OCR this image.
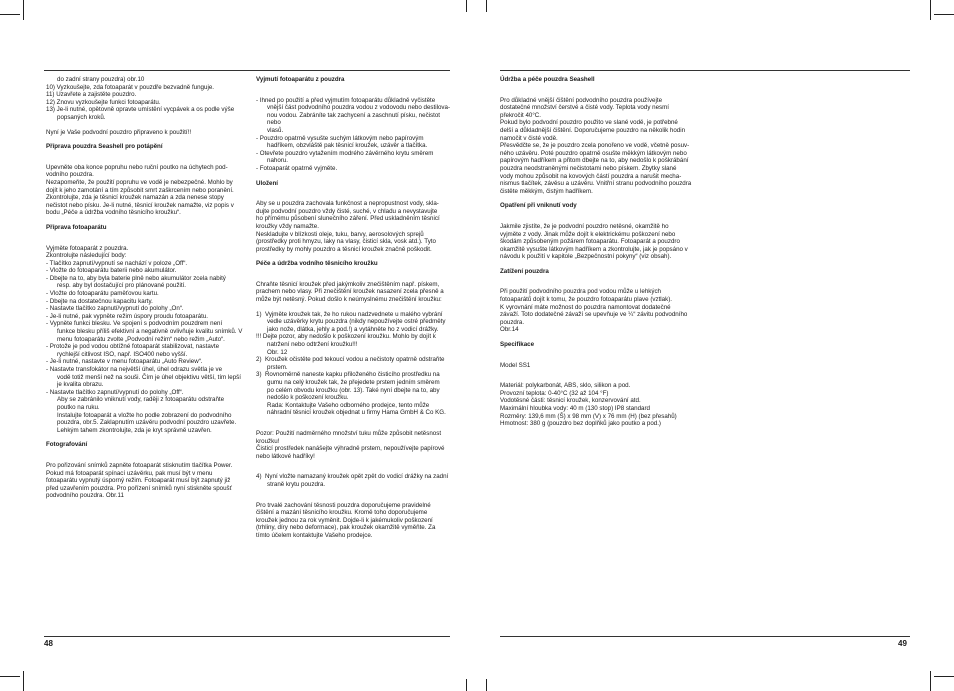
do zadní strany pouzdra) obr.10

10) Vyzkoušejte, zda fotoaparát v pouzdře bezvadně funguje.

11) Uzavřete a zajistěte pouzdro.

12) Znovu vyzkoušejte funkci fotoaparátu.

13) Je-li nutné, opětovně opravte umístění vycpávek a os podle výše

popsaných kroků.

Nyní je Vaše podvodní pouzdro připraveno k použití!!

Příprava pouzdra Seashell pro potápění

Upevněte oba konce popruhu nebo ruční poutko na úchytech pod-

vodního pouzdra.

Nezapomeňte, že použití popruhu ve vodě je nebezpečné. Mohlo by

dojít k jeho zamotání a tím způsobit smrt zaškrcením nebo poranění.

Zkontrolujte, zda je těsnicí kroužek namazán a zda nenese stopy

nečistot nebo písku. Je-li nutné, těsnicí kroužek namažte, viz popis v

bodu „Péče a údržba vodního těsnicího kroužku“.

Příprava fotoaparátu

Vyjměte fotoaparát z pouzdra.

Zkontrolujte následující body:

- Tlačítko zapnutí/vypnutí se nachází v poloze „Off“.

- Vložte do fotoaparátu baterii nebo akumulátor.

- Dbejte na to, aby byla baterie plně nebo akumulátor zcela nabitý

resp. aby byl dostačující pro plánované použití.

- Vložte do fotoaparátu paměťovou kartu.

- Dbejte na dostatečnou kapacitu karty.

- Nastavte tlačítko zapnutí/vypnutí do polohy „On“.

- Je-li nutné, pak vypněte režim úspory proudu fotoaparátu.

- Vypněte funkci blesku. Ve spojení s podvodním pouzdrem není

funkce blesku příliš efektivní a negativně ovlivňuje kvalitu snímků. V

menu fotoaparátu zvolte „Podvodní režim“ nebo režim „Auto“.

- Protože je pod vodou obtížné fotoaparát stabilizovat, nastavte

rychlejší citlivost ISO, např. ISO400 nebo vyšší.

- Je-li nutné, nastavte v menu fotoaparátu „Auto Review“.

- Nastavte transfokátor na největší úhel, úhel odrazu světla je ve

vodě totiž menší než na souši. Čím je úhel objektivu větší, tím lepší

je kvalita obrazu.

- Nastavte tlačítko zapnutí/vypnutí do polohy „Off“.

Aby se zabránilo vniknutí vody, raději z fotoaparátu odstraňte

poutko na ruku.

Instalujte fotoaparát a vložte ho podle zobrazení do podvodního

pouzdra, obr.5. Zaklapnutím uzávěru podvodní pouzdro uzavřete.

Lehkým tahem zkontrolujte, zda je kryt správně uzavřen.

Fotografování

Pro pořizování snímků zapněte fotoaparát stisknutím tlačítka Power.

Pokud má fotoaparát spínací uzávěrku, pak musí být v menu

fotoaparátu vypnutý úsporný režim. Fotoaparát musí být zapnutý již

před uzavřením pouzdra. Pro pořízení snímků nyní stiskněte spoušť

podvodního pouzdra. Obr.11

Vyjmutí fotoaparátu z pouzdra

- Ihned po použití a před vyjmutím fotoaparátu důkladně vyčistěte

vnější část podvodního pouzdra vodou z vodovodu nebo destilova-

nou vodou. Zabráníte tak zachycení a zaschnutí písku, nečistot nebo

vlasů.

- Pouzdro opatrně vysušte suchým látkovým nebo papírovým

hadříkem, obzvláště pak těsnicí kroužek, uzávěr a tlačítka.

- Otevřete pouzdro vytažením modrého závěrného krytu směrem

nahoru.

- Fotoaparát opatrně vyjměte.

Uložení

Aby se u pouzdra zachovala funkčnost a nepropustnost vody, skla-

dujte podvodní pouzdro vždy čisté, suché, v chladu a nevystavujte

ho přímému působení slunečního záření. Před uskladněním těsnicí

kroužky vždy namažte.

Neskladujte v blízkosti oleje, tuku, barvy, aerosolových sprejů

(prostředky proti hmyzu, laky na vlasy, čisticí skla, vosk atd.). Tyto

prostředky by mohly pouzdro a těsnicí kroužek značně poškodit.

Péče a údržba vodního těsnicího kroužku

Chraňte těsnicí kroužek před jakýmkoliv znečištěním např. pískem,

prachem nebo vlasy. Při znečištění kroužek nasazení zcela přesně a

může být netěsný. Pokud došlo k neúmyslnému znečištění kroužku:

1)  Vyjměte kroužek tak, že ho rukou nadzvednete u malého vybrání

vedle uzávěrky krytu pouzdra (nikdy nepoužívejte ostré předměty

jako nože, dlátka, jehly a pod.!) a vytáhněte ho z vodicí drážky.

!!! Dejte pozor, aby nedošlo k poškození kroužku. Mohlo by dojít k

natržení nebo odtržení kroužku!!!

Obr. 12

2)  Kroužek očistěte pod tekoucí vodou a nečistoty opatrně odstraňte

prstem.

3)  Rovnoměrně naneste kapku přiloženého čisticího prostředku na

gumu na celý kroužek tak, že přejedete prstem jedním směrem

po celém obvodu kroužku (obr. 13). Také nyní dbejte na to, aby

nedošlo k poškození kroužku.

Rada: Kontaktujte Vašeho odborného prodejce, tento může

náhradní těsnicí kroužek objednat u firmy Hama GmbH & Co KG.

Pozor: Použití nadměrného množství tuku může způsobit netěsnost

kroužku!

Čisticí prostředek nanášejte výhradně prstem, nepoužívejte papírové

nebo látkové hadříky!

4)  Nyní vložte namazaný kroužek opět zpět do vodicí drážky na zadní

straně krytu pouzdra.

Pro trvalé zachování těsnosti pouzdra doporučujeme pravidelné

čištění a mazání těsnicího kroužku. Kromě toho doporučujeme

kroužek jednou za rok vyměnit. Dojde-li k jakémukoliv poškození

(trhliny, díry nebo deformace), pak kroužek okamžitě vyměňte. Za

tímto účelem kontaktujte Vašeho prodejce.

Údržba a péče pouzdra Seashell

Pro důkladné vnější čištění podvodního pouzdra používejte

dostatečné množství čerstvé a čisté vody. Teplota vody nesmí

překročit 40°C.

Pokud bylo podvodní pouzdro použito ve slané vodě, je potřebné

delší a důkladnější čištění. Doporučujeme pouzdro na několik hodin

namočit v čisté vodě.

Přesvědčte se, že je pouzdro zcela ponořeno ve vodě, včetně posuv-

ného uzávěru. Poté pouzdro opatrně osušte měkkým látkovým nebo

papírovým hadříkem a přitom dbejte na to, aby nedošlo k poškrábání

pouzdra neodstraněnými nečistotami nebo pískem. Zbytky slané

vody mohou způsobit na kovových částí pouzdra a narušit mecha-

nismus tlačítek, závěsu a uzávěru. Vnitřní stranu podvodního pouzdra

čistěte měkkým, čistým hadříkem.

Opatření při vniknutí vody

Jakmile zjistíte, že je podvodní pouzdro netěsné, okamžitě ho

vyjměte z vody. Jinak může dojít k elektrickému poškození nebo

škodám způsobeným požárem fotoaparátu. Fotoaparát a pouzdro

okamžitě vysušte látkovým hadříkem a zkontrolujte, jak je popsáno v

návodu k použití v kapitole „Bezpečnostní pokyny“ (viz obsah).

Zatížení pouzdra

Při použití podvodního pouzdra pod vodou může u lehkých

fotoaparátů dojít k tomu, že pouzdro fotoaparátu plave (vztlak).

K vyrovnání máte možnost do pouzdra namontovat dodatečné

závaží. Toto dodatečné závaží se upevňuje ve ¼“ závitu podvodního

pouzdra.

Obr.14

Specifikace

Model SS1

Materiál: polykarbonát, ABS, sklo, silikon a pod.

Provozní teplota: 0-40°C (32 až 104 °F)

Vodotěsné části: těsnicí kroužek, konzervování atd.

Maximální hloubka vody: 40 m (130 stop) IP8 standard

Rozměry: 139,6 mm (Š) x 98 mm (V) x 76 mm (H) (bez přesahů)

Hmotnost: 380 g (pouzdro bez doplňků jako poutko a pod.)

48	49
